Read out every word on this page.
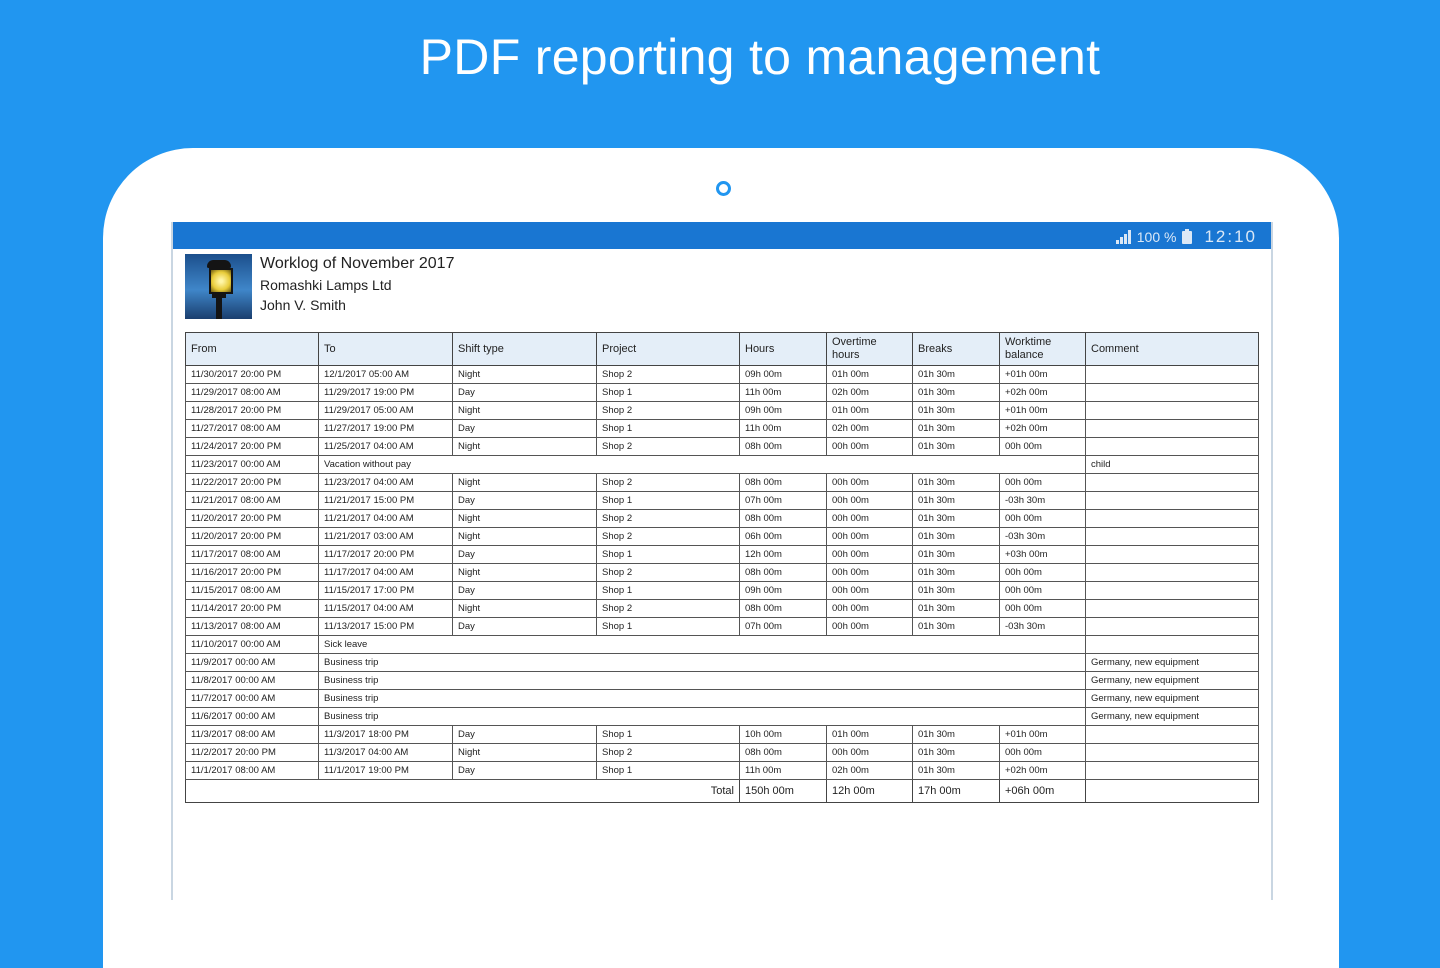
PDF reporting to management
100 % 12:10
Worklog of November 2017
Romashki Lamps Ltd
John V. Smith
From	To	Shift type	Project	Hours	Overtime hours	Breaks	Worktime balance	Comment
11/30/2017 20:00 PM	12/1/2017 05:00 AM	Night	Shop 2	09h 00m	01h 00m	01h 30m	+01h 00m	
11/29/2017 08:00 AM	11/29/2017 19:00 PM	Day	Shop 1	11h 00m	02h 00m	01h 30m	+02h 00m	
11/28/2017 20:00 PM	11/29/2017 05:00 AM	Night	Shop 2	09h 00m	01h 00m	01h 30m	+01h 00m	
11/27/2017 08:00 AM	11/27/2017 19:00 PM	Day	Shop 1	11h 00m	02h 00m	01h 30m	+02h 00m	
11/24/2017 20:00 PM	11/25/2017 04:00 AM	Night	Shop 2	08h 00m	00h 00m	01h 30m	00h 00m	
11/23/2017 00:00 AM	Vacation without pay							child
11/22/2017 20:00 PM	11/23/2017 04:00 AM	Night	Shop 2	08h 00m	00h 00m	01h 30m	00h 00m	
11/21/2017 08:00 AM	11/21/2017 15:00 PM	Day	Shop 1	07h 00m	00h 00m	01h 30m	-03h 30m	
11/20/2017 20:00 PM	11/21/2017 04:00 AM	Night	Shop 2	08h 00m	00h 00m	01h 30m	00h 00m	
11/20/2017 20:00 PM	11/21/2017 03:00 AM	Night	Shop 2	06h 00m	00h 00m	01h 30m	-03h 30m	
11/17/2017 08:00 AM	11/17/2017 20:00 PM	Day	Shop 1	12h 00m	00h 00m	01h 30m	+03h 00m	
11/16/2017 20:00 PM	11/17/2017 04:00 AM	Night	Shop 2	08h 00m	00h 00m	01h 30m	00h 00m	
11/15/2017 08:00 AM	11/15/2017 17:00 PM	Day	Shop 1	09h 00m	00h 00m	01h 30m	00h 00m	
11/14/2017 20:00 PM	11/15/2017 04:00 AM	Night	Shop 2	08h 00m	00h 00m	01h 30m	00h 00m	
11/13/2017 08:00 AM	11/13/2017 15:00 PM	Day	Shop 1	07h 00m	00h 00m	01h 30m	-03h 30m	
11/10/2017 00:00 AM	Sick leave							
11/9/2017 00:00 AM	Business trip							Germany, new equipment
11/8/2017 00:00 AM	Business trip							Germany, new equipment
11/7/2017 00:00 AM	Business trip							Germany, new equipment
11/6/2017 00:00 AM	Business trip							Germany, new equipment
11/3/2017 08:00 AM	11/3/2017 18:00 PM	Day	Shop 1	10h 00m	01h 00m	01h 30m	+01h 00m	
11/2/2017 20:00 PM	11/3/2017 04:00 AM	Night	Shop 2	08h 00m	00h 00m	01h 30m	00h 00m	
11/1/2017 08:00 AM	11/1/2017 19:00 PM	Day	Shop 1	11h 00m	02h 00m	01h 30m	+02h 00m	
Total				150h 00m	12h 00m	17h 00m	+06h 00m	
